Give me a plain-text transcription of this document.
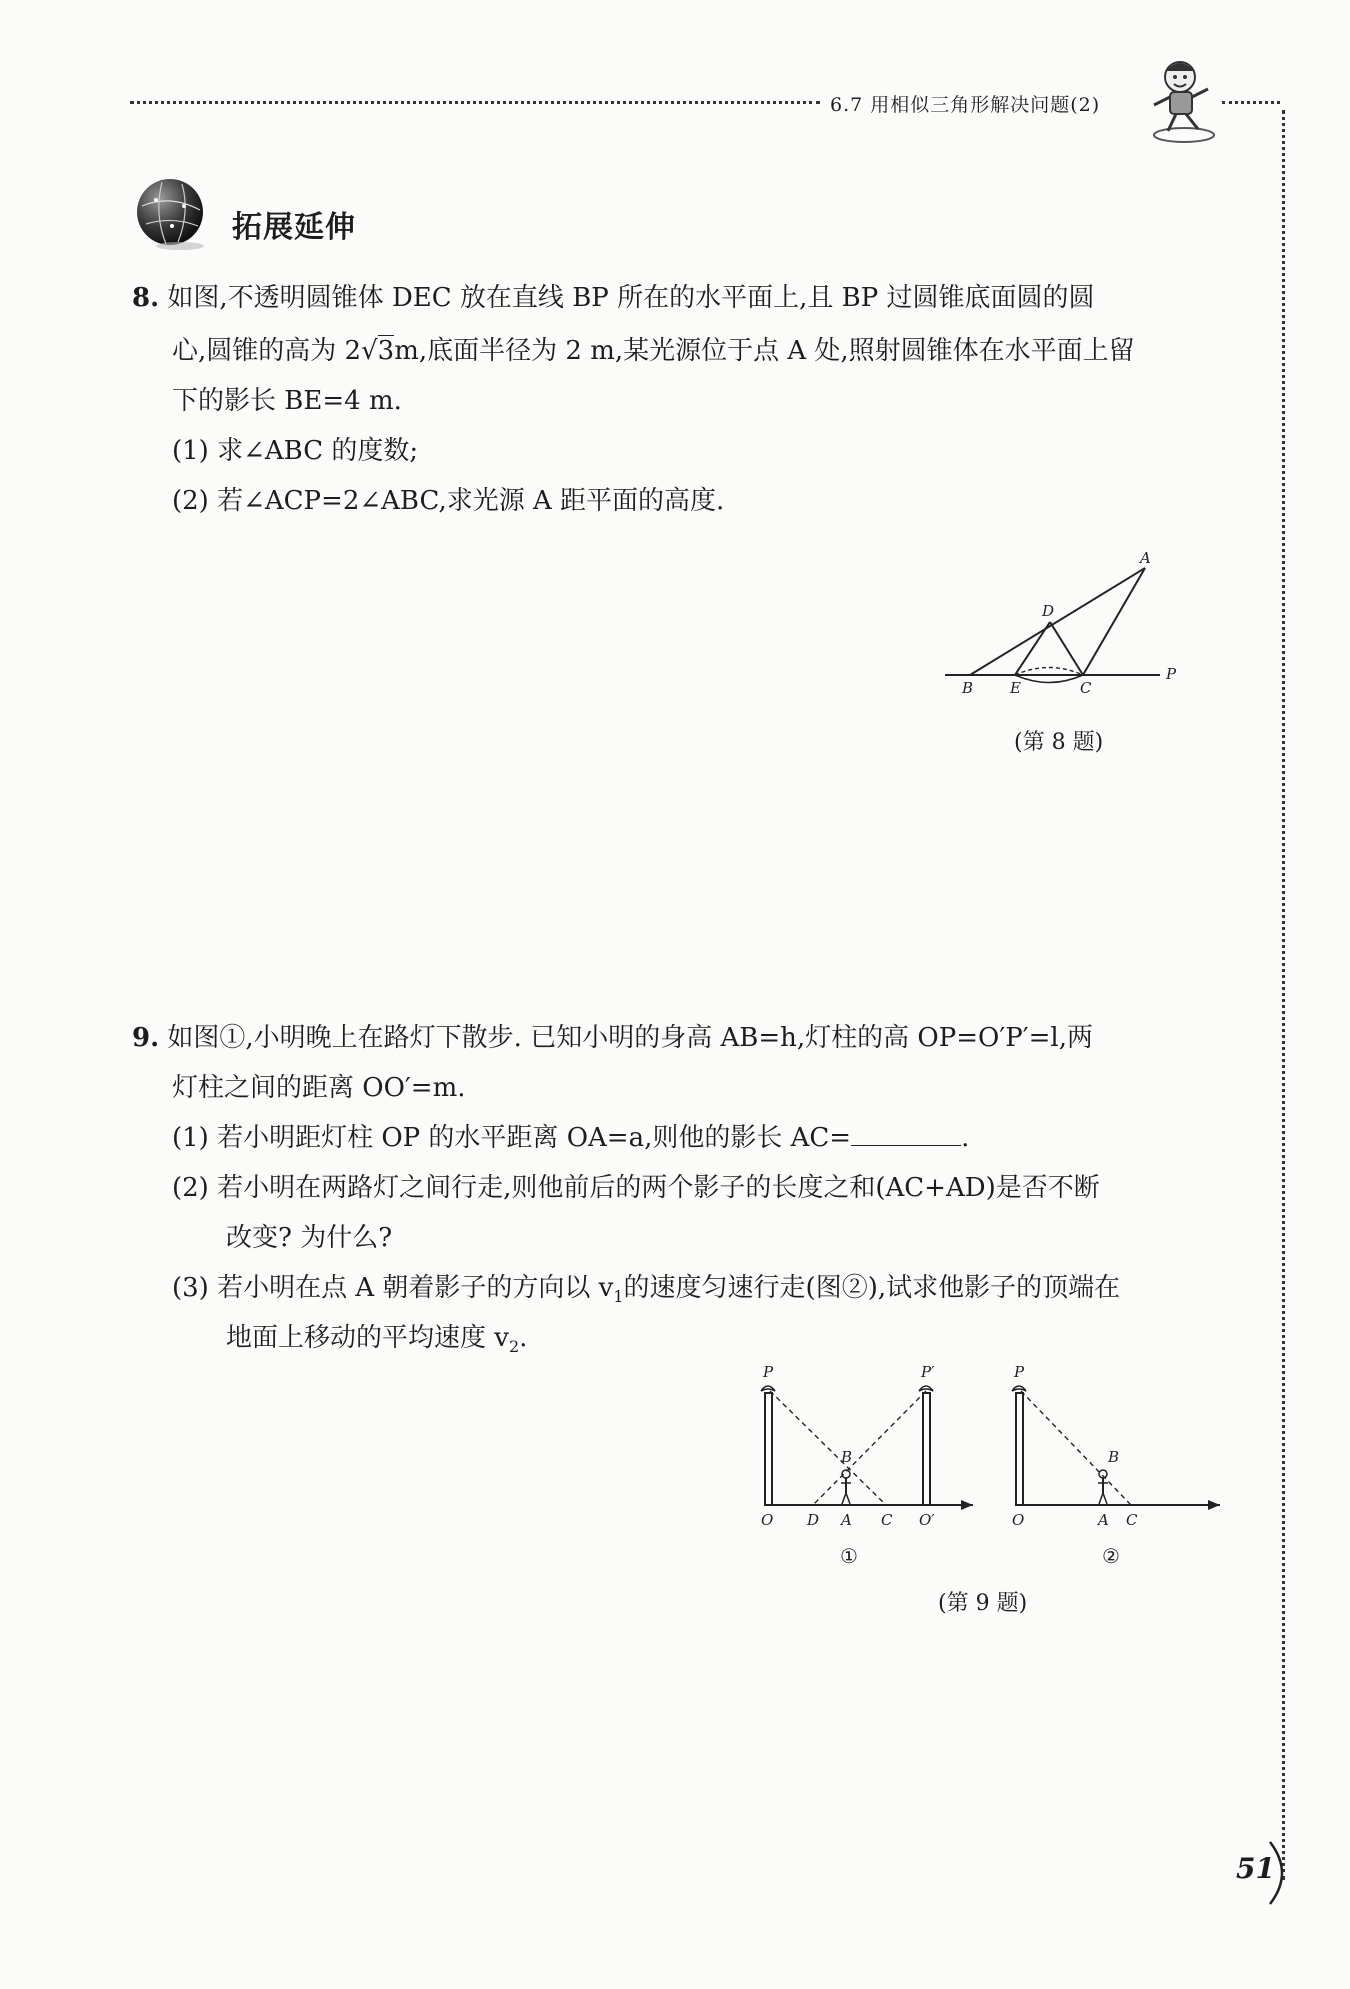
6.7 用相似三角形解决问题(2)
拓展延伸
8. 如图,不透明圆锥体 DEC 放在直线 BP 所在的水平面上,且 BP 过圆锥底面圆的圆
心,圆锥的高为 2√3m,底面半径为 2 m,某光源位于点 A 处,照射圆锥体在水平面上留
下的影长 BE=4 m.
(1) 求∠ABC 的度数;
(2) 若∠ACP=2∠ABC,求光源 A 距平面的高度.
A
D
B E	C
P
(第 8 题)
9. 如图①,小明晚上在路灯下散步. 已知小明的身高 AB=h,灯柱的高 OP=O′P′=l,两
灯柱之间的距离 OO′=m.
(1) 若小明距灯柱 OP 的水平距离 OA=a,则他的影长 AC=	.
(2) 若小明在两路灯之间行走,则他前后的两个影子的长度之和(AC+AD)是否不断
改变? 为什么?
(3) 若小明在点 A 朝着影子的方向以 $v_1$的速度匀速行走(图②),试求他影子的顶端在
地面上移动的平均速度 $v_2$.
P	P′
B
O D A C O′
①
P
B
O	A C
②
(第 9 题)
51
